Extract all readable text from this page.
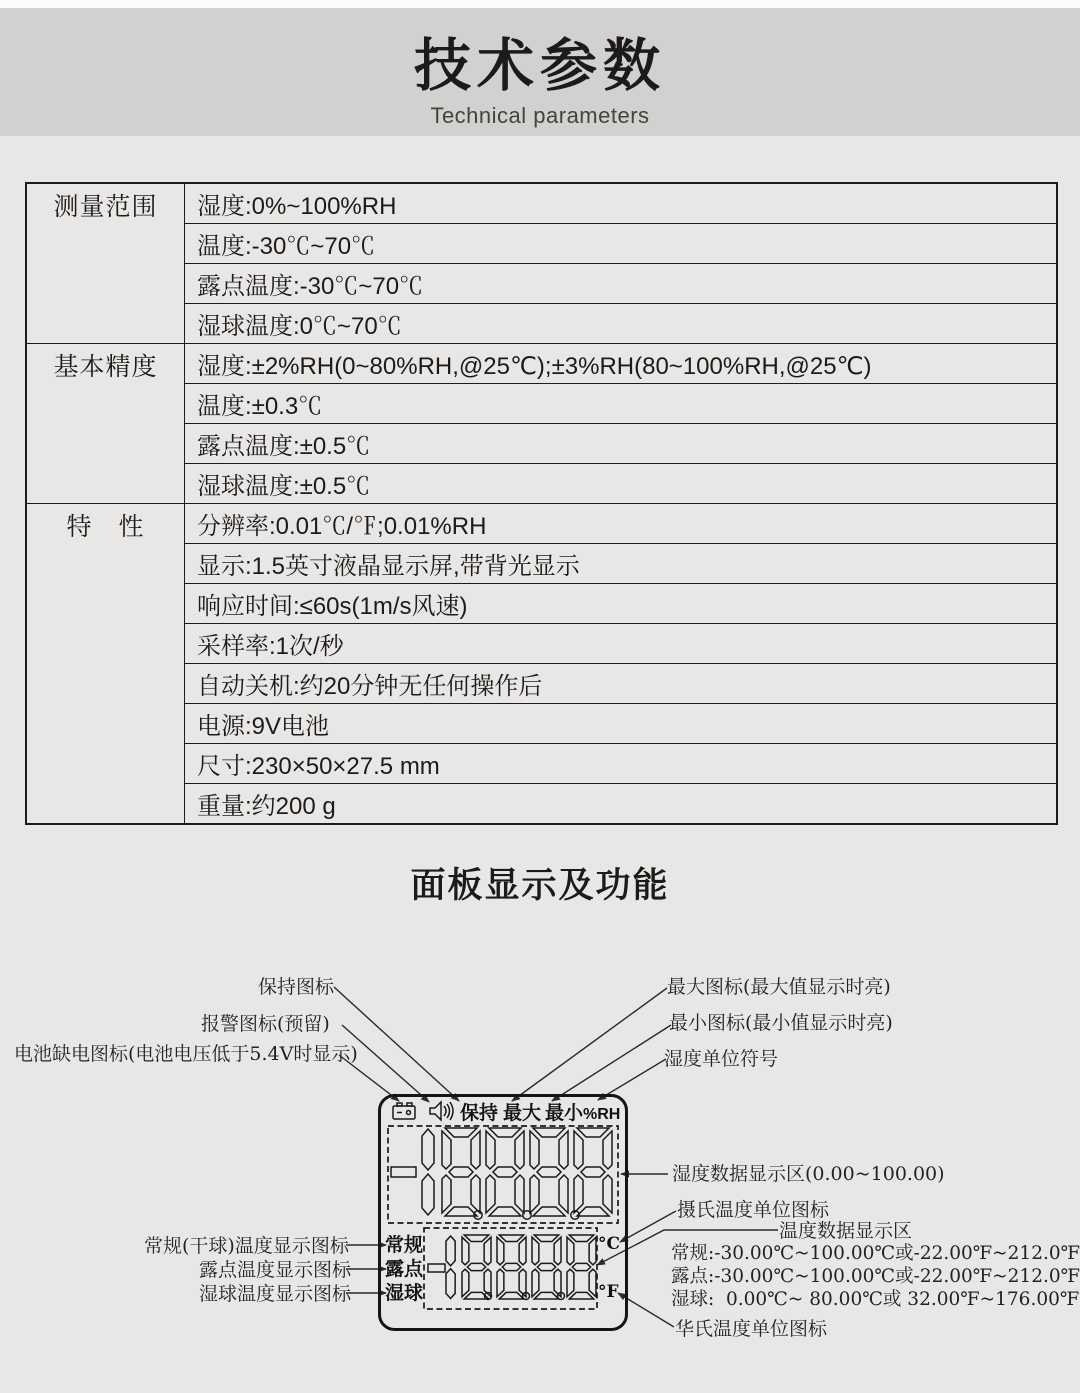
技术参数
Technical parameters
测量范围	湿度:0%~100%RH
	温度:-30℃~70℃
	露点温度:-30℃~70℃
	湿球温度:0℃~70℃
基本精度	湿度:±2%RH(0~80%RH,@25℃);±3%RH(80~100%RH,@25℃)
	温度:±0.3℃
	露点温度:±0.5℃
	湿球温度:±0.5℃
特　性	分辨率:0.01℃/℉;0.01%RH
	显示:1.5英寸液晶显示屏,带背光显示
	响应时间:≤60s(1m/s风速)
	采样率:1次/秒
	自动关机:约20分钟无任何操作后
	电源:9V电池
	尺寸:230×50×27.5 mm
	重量:约200 g
面板显示及功能
保持图标
报警图标(预留)
电池缺电图标(电池电压低于5.4V时显示)
最大图标(最大值显示时亮)
最小图标(最小值显示时亮)
湿度单位符号
湿度数据显示区(0.00~100.00)
摄氏温度单位图标
温度数据显示区
常规:-30.00℃~100.00℃或-22.00℉~212.0℉
露点:-30.00℃~100.00℃或-22.00℉~212.0℉
湿球:  0.00℃~ 80.00℃或 32.00℉~176.00℉
华氏温度单位图标
常规(干球)温度显示图标
露点温度显示图标
湿球温度显示图标
保持 最大 最小 %RH
常规
露点
湿球
°C
°F
